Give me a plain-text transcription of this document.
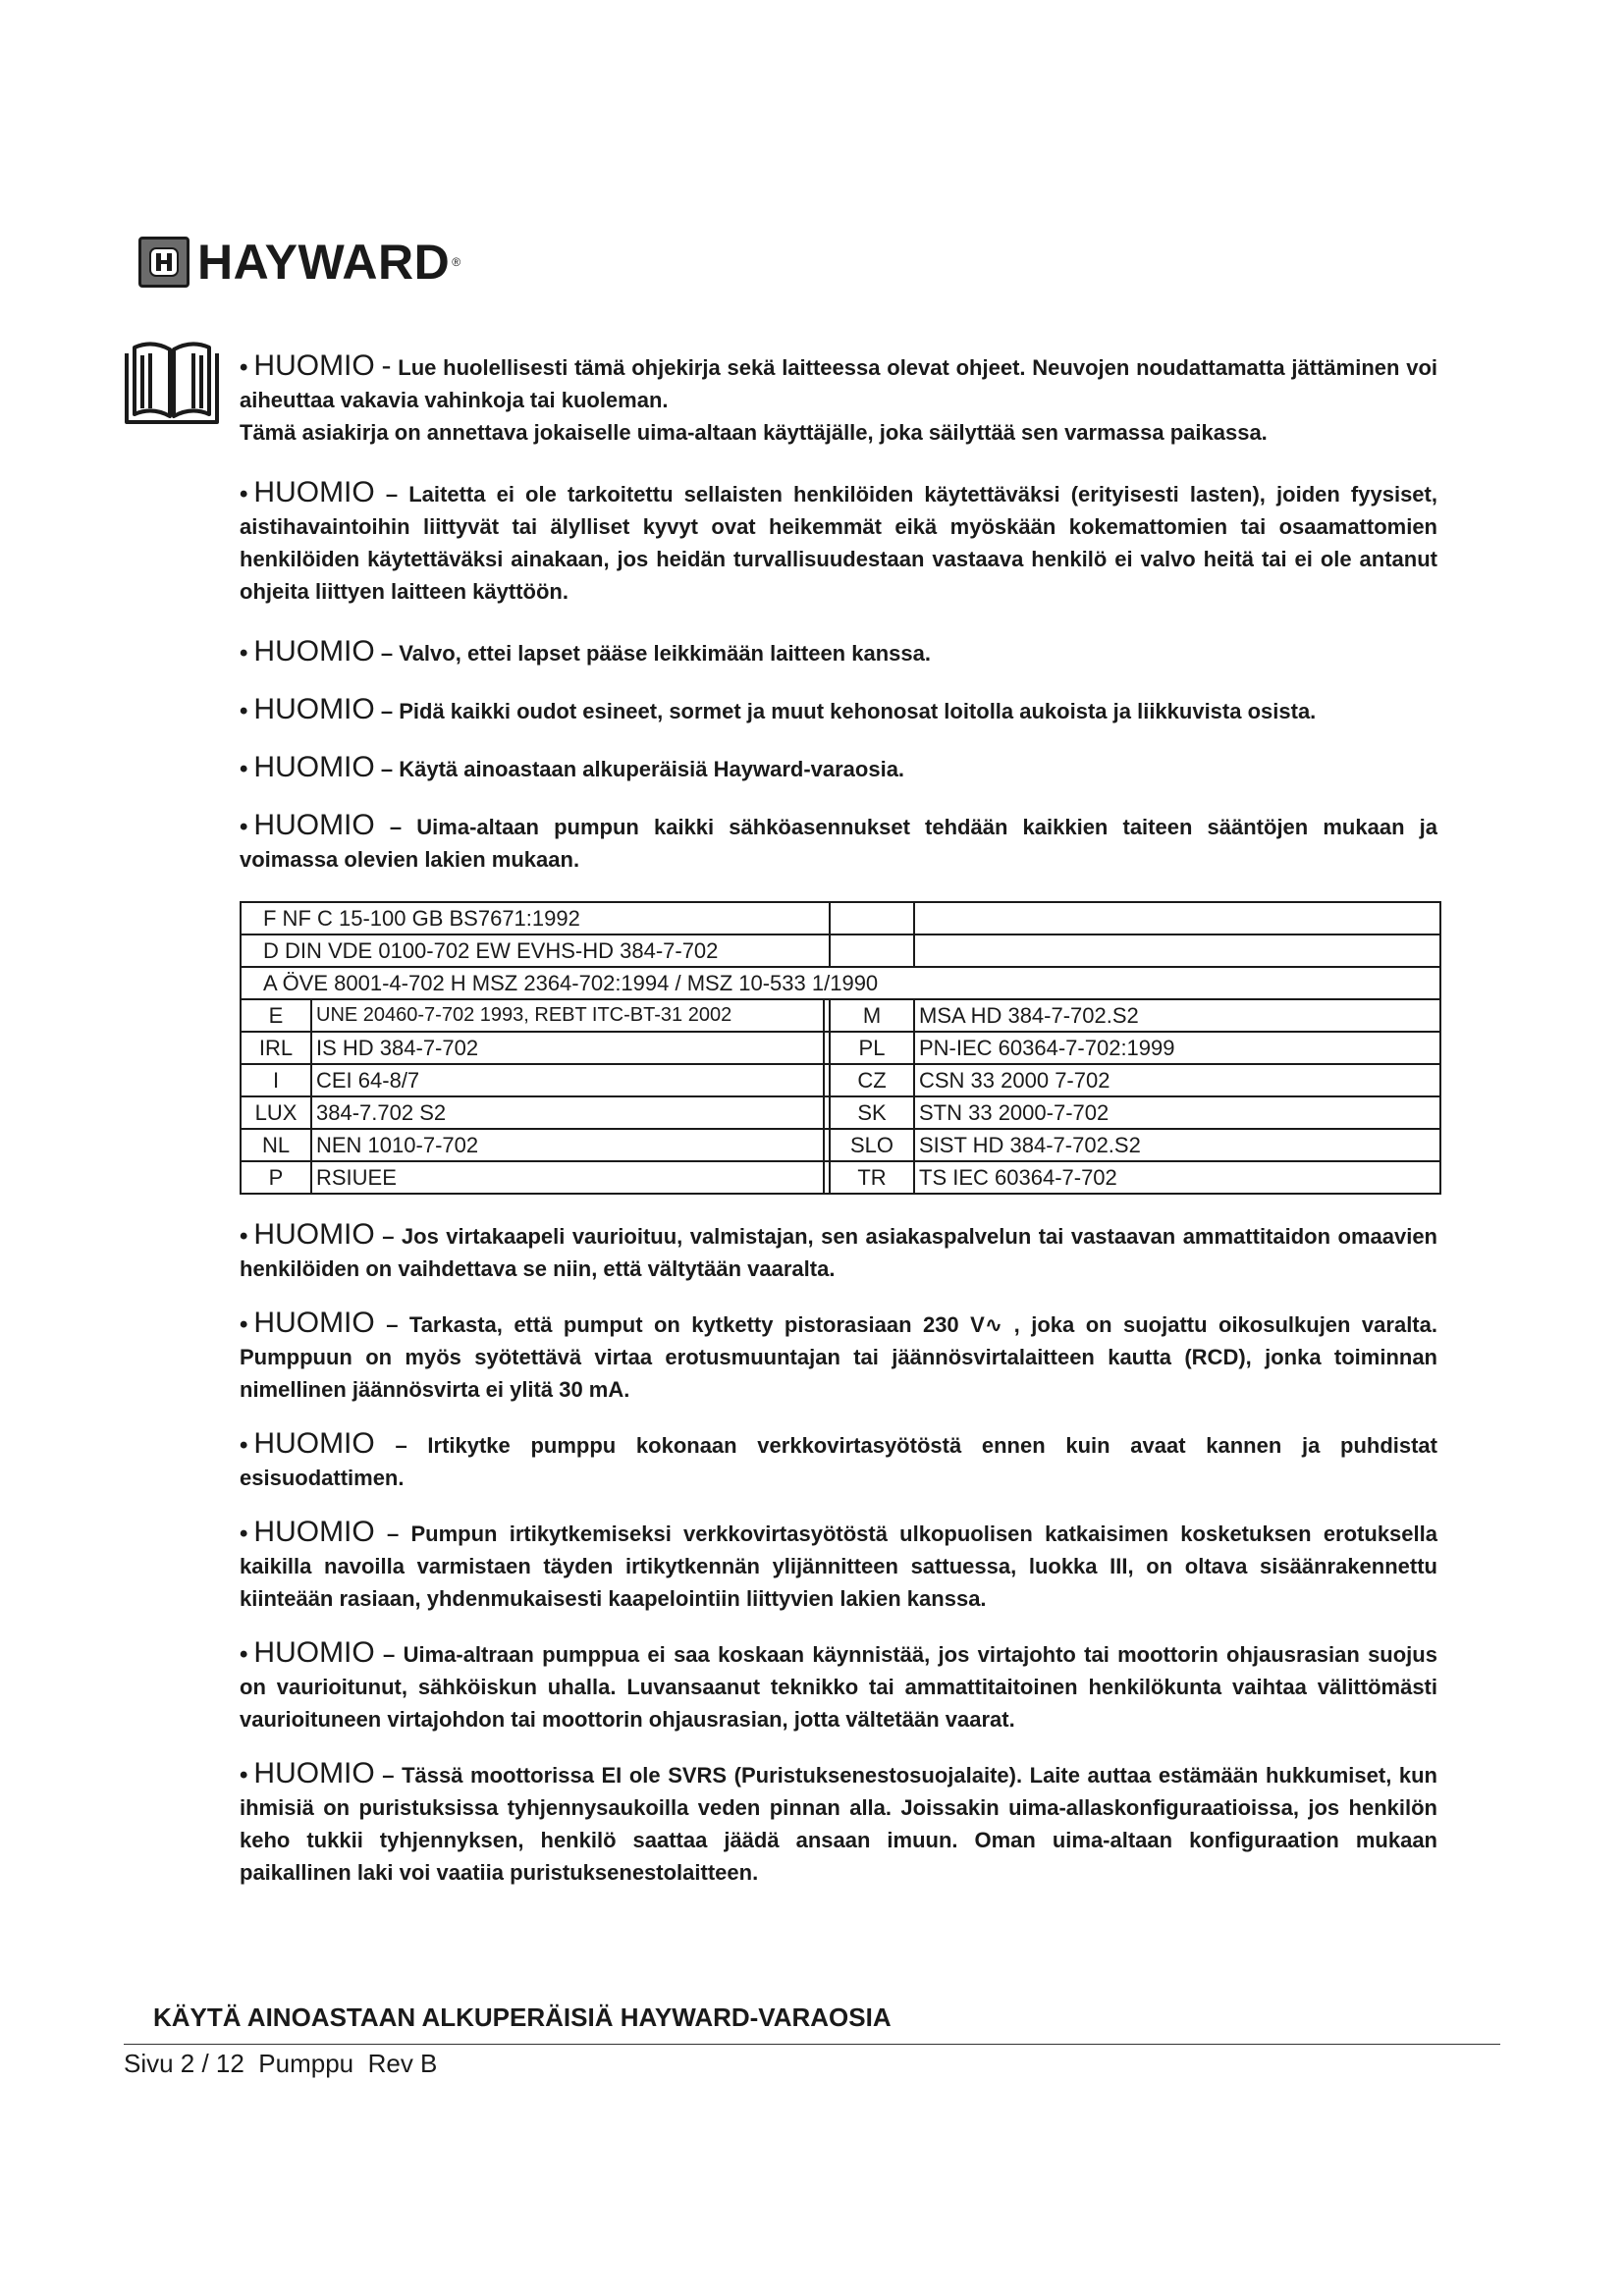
HAYWARD ®

• HUOMIO - Lue huolellisesti tämä ohjekirja sekä laitteessa olevat ohjeet. Neuvojen noudattamatta jättäminen voi aiheuttaa vakavia vahinkoja tai kuoleman.
Tämä asiakirja on annettava jokaiselle uima-altaan käyttäjälle, joka säilyttää sen varmassa paikassa.

• HUOMIO – Laitetta ei ole tarkoitettu sellaisten henkilöiden käytettäväksi (erityisesti lasten), joiden fyysiset, aistihavaintoihin liittyvät tai älylliset kyvyt ovat heikemmät eikä myöskään kokemattomien tai osaamattomien henkilöiden käytettäväksi ainakaan, jos heidän turvallisuudestaan vastaava henkilö ei valvo heitä tai ei ole antanut ohjeita liittyen laitteen käyttöön.

• HUOMIO – Valvo, ettei lapset pääse leikkimään laitteen kanssa.

• HUOMIO – Pidä kaikki oudot esineet, sormet ja muut kehonosat loitolla aukoista ja liikkuvista osista.

• HUOMIO – Käytä ainoastaan alkuperäisiä Hayward-varaosia.

• HUOMIO – Uima-altaan pumpun kaikki sähköasennukset tehdään kaikkien taiteen sääntöjen mukaan ja voimassa olevien lakien mukaan.

F NF C 15-100 GB BS7671:1992				
D DIN VDE 0100-702 EW EVHS-HD 384-7-702				
A ÖVE 8001-4-702 H MSZ 2364-702:1994 / MSZ 10-533 1/1990				
E	UNE 20460-7-702 1993, REBT ITC-BT-31 2002		M	MSA HD 384-7-702.S2
IRL	IS HD 384-7-702		PL	PN-IEC 60364-7-702:1999
I	CEI 64-8/7		CZ	CSN 33 2000 7-702
LUX	384-7.702 S2		SK	STN 33 2000-7-702
NL	NEN 1010-7-702		SLO	SIST HD 384-7-702.S2
P	RSIUEE		TR	TS IEC 60364-7-702

• HUOMIO – Jos virtakaapeli vaurioituu, valmistajan, sen asiakaspalvelun tai vastaavan ammattitaidon omaavien henkilöiden on vaihdettava se niin, että vältytään vaaralta.

• HUOMIO – Tarkasta, että pumput on kytketty pistorasiaan 230 V∿ , joka on suojattu oikosulkujen varalta. Pumppuun on myös syötettävä virtaa erotusmuuntajan tai jäännösvirtalaitteen kautta (RCD), jonka toiminnan nimellinen jäännösvirta ei ylitä 30 mA.

• HUOMIO – Irtikytke pumppu kokonaan verkkovirtasyötöstä ennen kuin avaat kannen ja puhdistat esisuodattimen.

• HUOMIO – Pumpun irtikytkemiseksi verkkovirtasyötöstä ulkopuolisen katkaisimen kosketuksen erotuksella kaikilla navoilla varmistaen täyden irtikytkennän ylijännitteen sattuessa, luokka III, on oltava sisäänrakennettu kiinteään rasiaan, yhdenmukaisesti kaapelointiin liittyvien lakien kanssa.

• HUOMIO – Uima-altraan pumppua ei saa koskaan käynnistää, jos virtajohto tai moottorin ohjausrasian suojus on vaurioitunut, sähköiskun uhalla. Luvansaanut teknikko tai ammattitaitoinen henkilökunta vaihtaa välittömästi vaurioituneen virtajohdon tai moottorin ohjausrasian, jotta vältetään vaarat.

• HUOMIO – Tässä moottorissa EI ole SVRS (Puristuksenestosuojalaite). Laite auttaa estämään hukkumiset, kun ihmisiä on puristuksissa tyhjennysaukoilla veden pinnan alla. Joissakin uima-allaskonfiguraatioissa, jos henkilön keho tukkii tyhjennyksen, henkilö saattaa jäädä ansaan imuun. Oman uima-altaan konfiguraation mukaan paikallinen laki voi vaatiia puristuksenestolaitteen.

KÄYTÄ AINOASTAAN ALKUPERÄISIÄ HAYWARD-VARAOSIA
Sivu 2 / 12  Pumppu  Rev B
